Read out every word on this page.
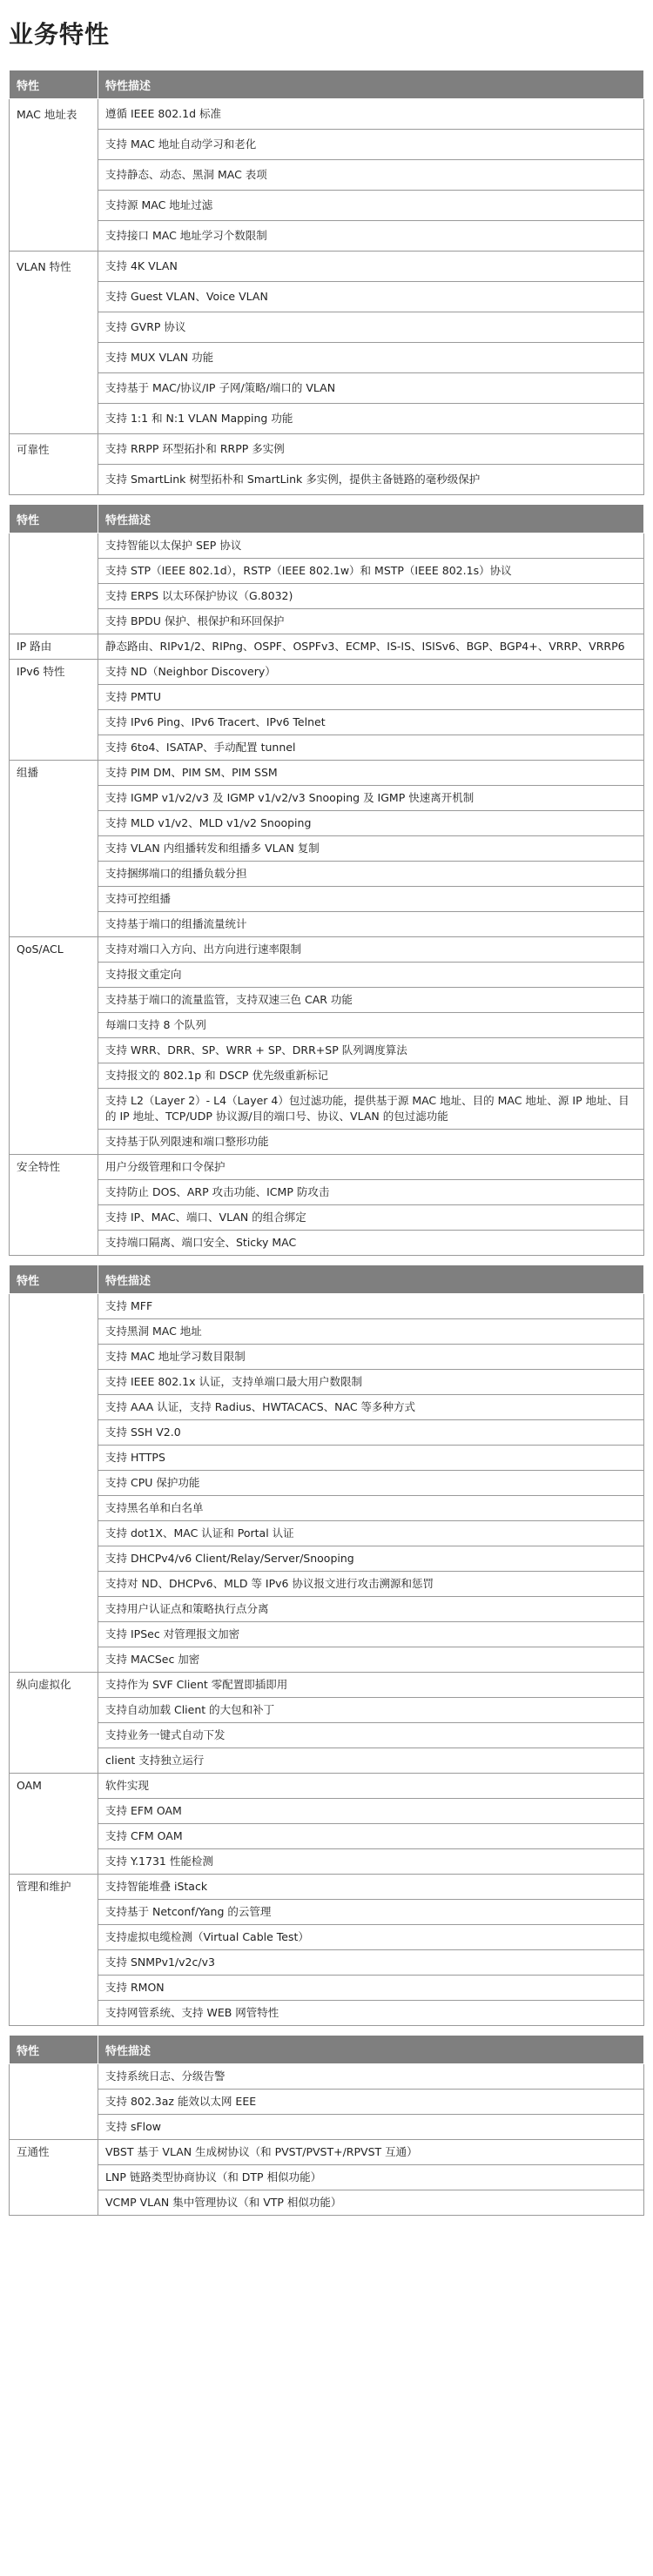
业务特性
特性	特性描述
MAC 地址表	遵循 IEEE 802.1d 标准
	支持 MAC 地址自动学习和老化
	支持静态、动态、黑洞 MAC 表项
	支持源 MAC 地址过滤
	支持接口 MAC 地址学习个数限制
VLAN 特性	支持 4K VLAN
	支持 Guest VLAN、Voice VLAN
	支持 GVRP 协议
	支持 MUX VLAN 功能
	支持基于 MAC/协议/IP 子网/策略/端口的 VLAN
	支持 1:1 和 N:1 VLAN Mapping 功能
可靠性	支持 RRPP 环型拓扑和 RRPP 多实例
	支持 SmartLink 树型拓朴和 SmartLink 多实例，提供主备链路的毫秒级保护
特性	特性描述
	支持智能以太保护 SEP 协议
	支持 STP（IEEE 802.1d），RSTP（IEEE 802.1w）和 MSTP（IEEE 802.1s）协议
	支持 ERPS 以太环保护协议（G.8032)
	支持 BPDU 保护、根保护和环回保护
IP 路由	静态路由、RIPv1/2、RIPng、OSPF、OSPFv3、ECMP、IS-IS、ISISv6、BGP、BGP4+、VRRP、VRRP6
IPv6 特性	支持 ND（Neighbor Discovery）
	支持 PMTU
	支持 IPv6 Ping、IPv6 Tracert、IPv6 Telnet
	支持 6to4、ISATAP、手动配置 tunnel
组播	支持 PIM DM、PIM SM、PIM SSM
	支持 IGMP v1/v2/v3 及 IGMP v1/v2/v3 Snooping 及 IGMP 快速离开机制
	支持 MLD v1/v2、MLD v1/v2 Snooping
	支持 VLAN 内组播转发和组播多 VLAN 复制
	支持捆绑端口的组播负载分担
	支持可控组播
	支持基于端口的组播流量统计
QoS/ACL	支持对端口入方向、出方向进行速率限制
	支持报文重定向
	支持基于端口的流量监管，支持双速三色 CAR 功能
	每端口支持 8 个队列
	支持 WRR、DRR、SP、WRR + SP、DRR+SP 队列调度算法
	支持报文的 802.1p 和 DSCP 优先级重新标记
	支持 L2（Layer 2）- L4（Layer 4）包过滤功能，提供基于源 MAC 地址、目的 MAC 地址、源 IP 地址、目的 IP 地址、TCP/UDP 协议源/目的端口号、协议、VLAN 的包过滤功能
	支持基于队列限速和端口整形功能
安全特性	用户分级管理和口令保护
	支持防止 DOS、ARP 攻击功能、ICMP 防攻击
	支持 IP、MAC、端口、VLAN 的组合绑定
	支持端口隔离、端口安全、Sticky MAC
特性	特性描述
	支持 MFF
	支持黑洞 MAC 地址
	支持 MAC 地址学习数目限制
	支持 IEEE 802.1x 认证，支持单端口最大用户数限制
	支持 AAA 认证，支持 Radius、HWTACACS、NAC 等多种方式
	支持 SSH V2.0
	支持 HTTPS
	支持 CPU 保护功能
	支持黑名单和白名单
	支持 dot1X、MAC 认证和 Portal 认证
	支持 DHCPv4/v6 Client/Relay/Server/Snooping
	支持对 ND、DHCPv6、MLD 等 IPv6 协议报文进行攻击溯源和惩罚
	支持用户认证点和策略执行点分离
	支持 IPSec 对管理报文加密
	支持 MACSec 加密
纵向虚拟化	支持作为 SVF Client 零配置即插即用
	支持自动加载 Client 的大包和补丁
	支持业务一键式自动下发
	client 支持独立运行
OAM	软件实现
	支持 EFM OAM
	支持 CFM OAM
	支持 Y.1731 性能检测
管理和维护	支持智能堆叠 iStack
	支持基于 Netconf/Yang 的云管理
	支持虚拟电缆检测（Virtual Cable Test）
	支持 SNMPv1/v2c/v3
	支持 RMON
	支持网管系统、支持 WEB 网管特性
特性	特性描述
	支持系统日志、分级告警
	支持 802.3az 能效以太网 EEE
	支持 sFlow
互通性	VBST 基于 VLAN 生成树协议（和 PVST/PVST+/RPVST 互通）
	LNP 链路类型协商协议（和 DTP 相似功能）
	VCMP VLAN 集中管理协议（和 VTP 相似功能）
